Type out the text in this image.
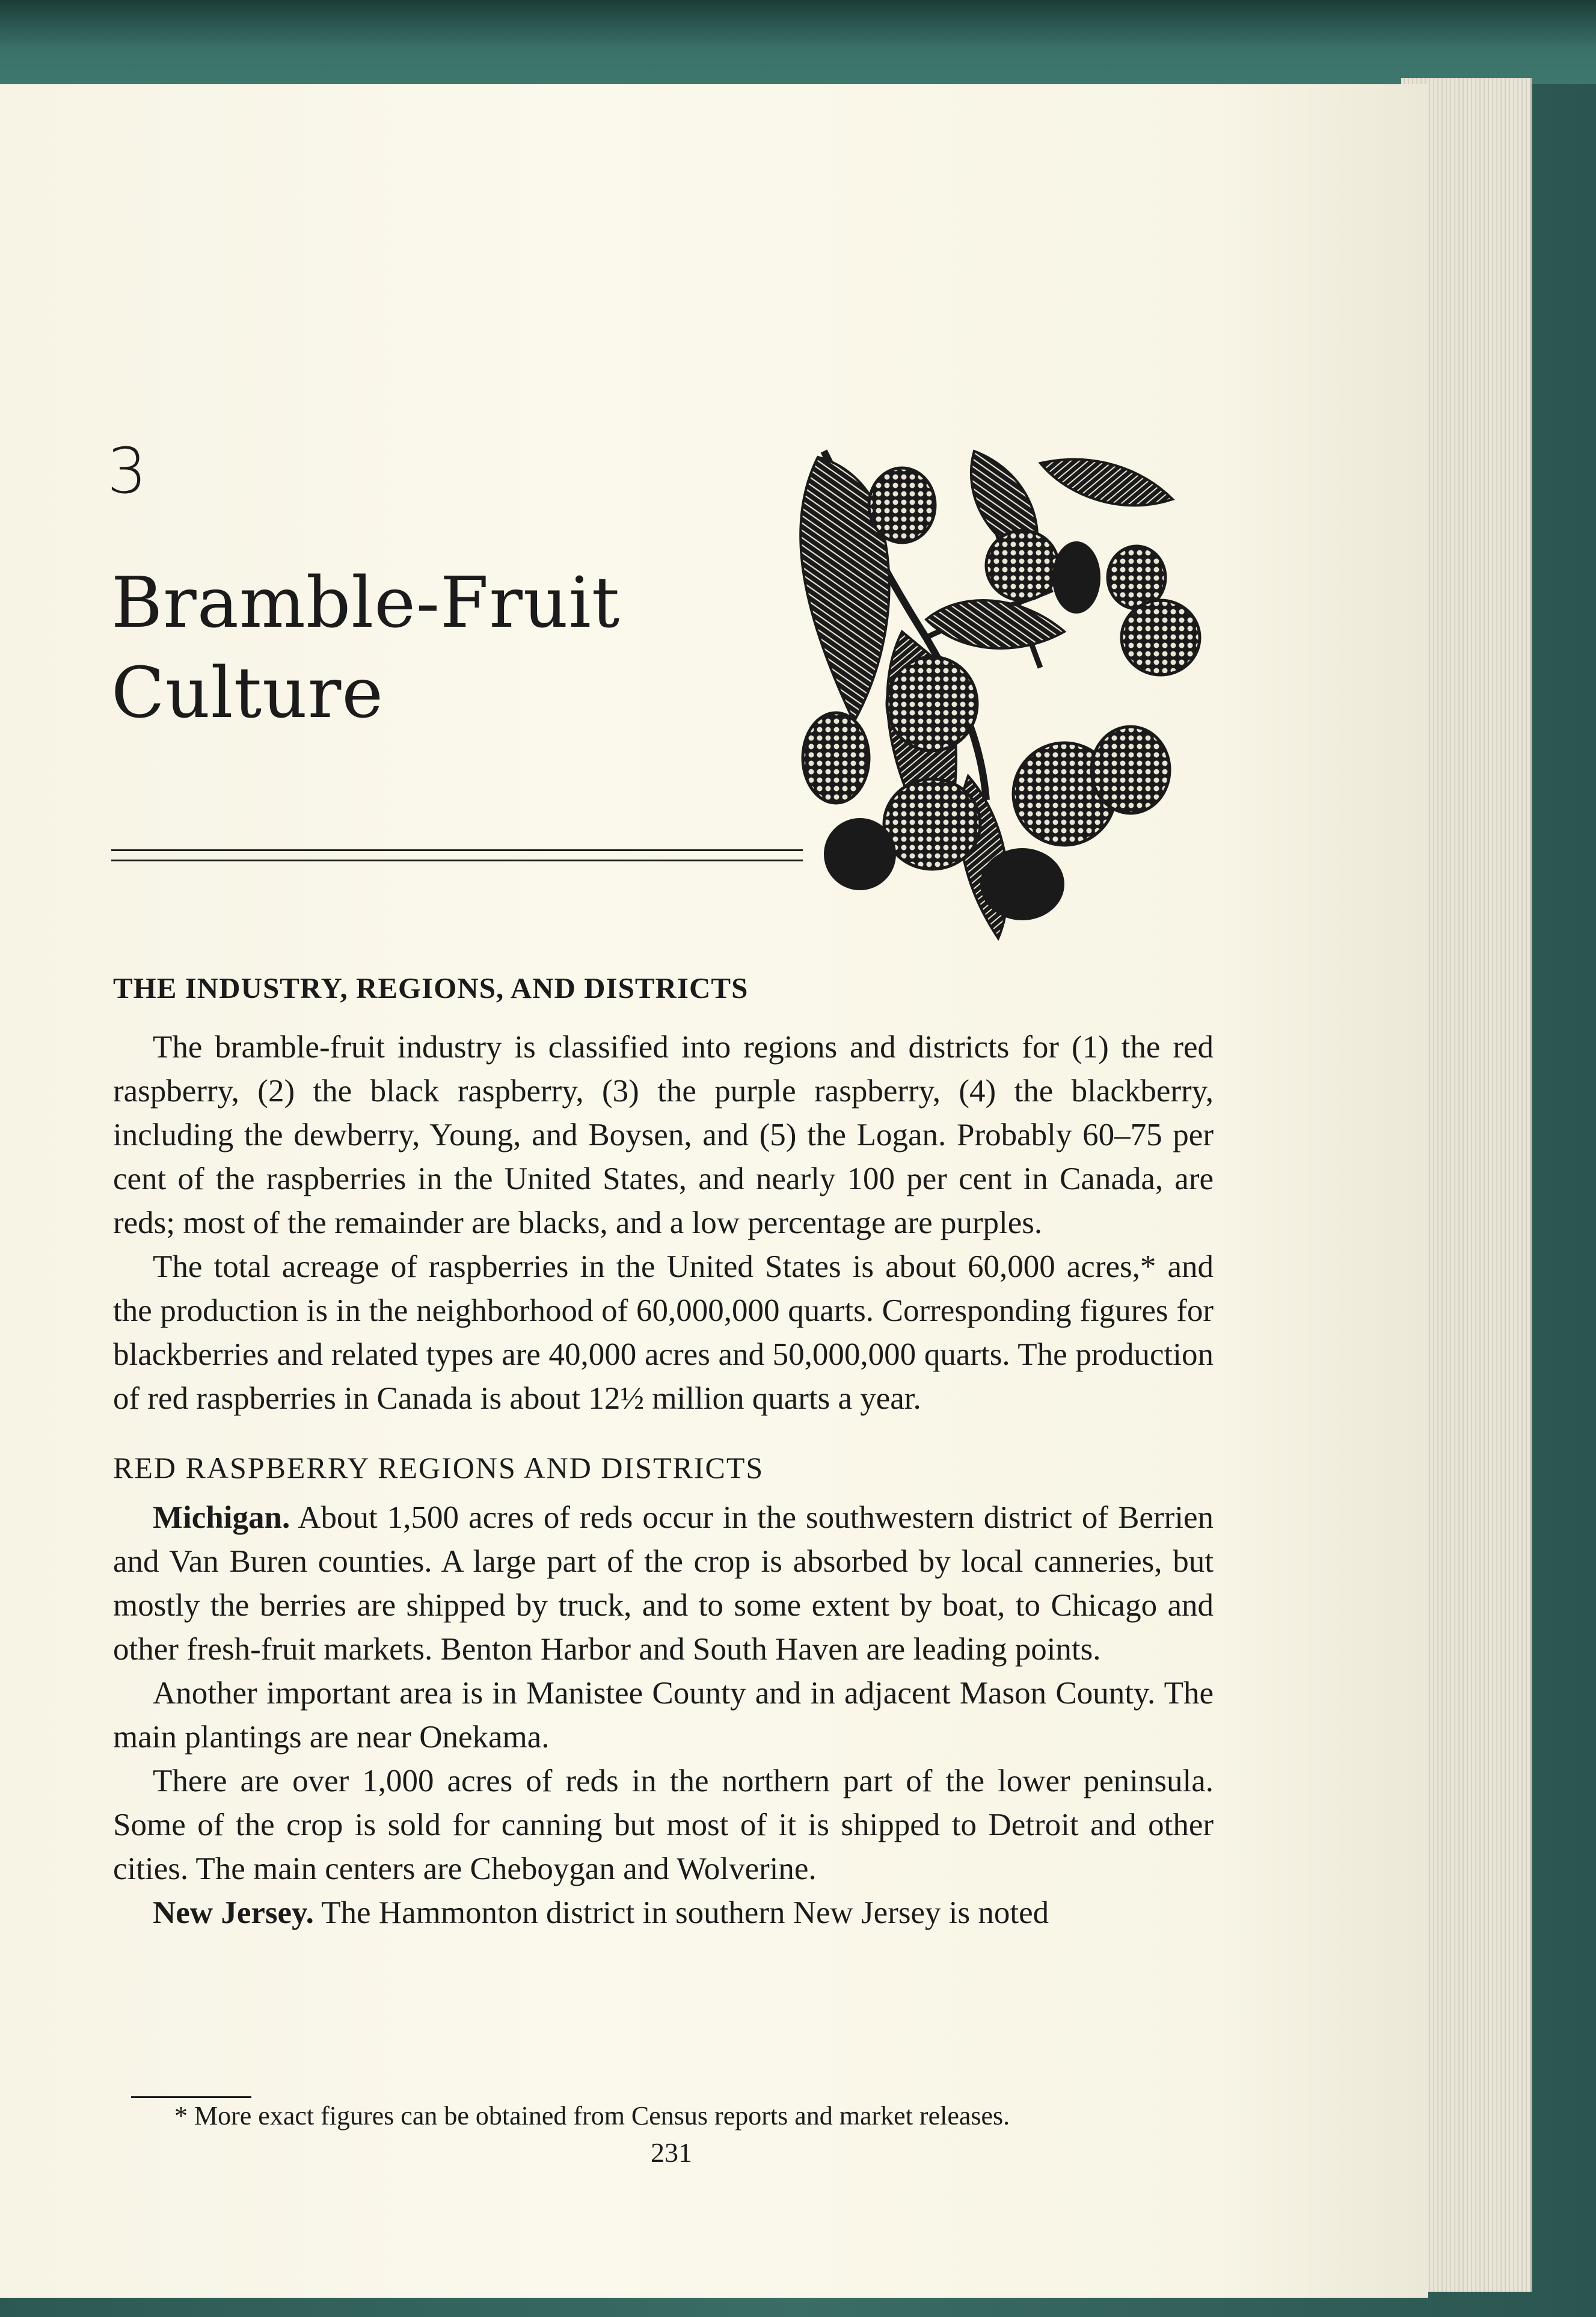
3
Bramble-Fruit
Culture
THE INDUSTRY, REGIONS, AND DISTRICTS

The bramble-fruit industry is classified into regions and districts for (1) the red raspberry, (2) the black raspberry, (3) the purple raspberry, (4) the blackberry, including the dewberry, Young, and Boysen, and (5) the Logan. Probably 60–75 per cent of the raspberries in the United States, and nearly 100 per cent in Canada, are reds; most of the remainder are blacks, and a low percentage are purples.

The total acreage of raspberries in the United States is about 60,000 acres,* and the production is in the neighborhood of 60,000,000 quarts. Corresponding figures for blackberries and related types are 40,000 acres and 50,000,000 quarts. The production of red raspberries in Canada is about 12½ million quarts a year.

RED RASPBERRY REGIONS AND DISTRICTS

Michigan. About 1,500 acres of reds occur in the southwestern district of Berrien and Van Buren counties. A large part of the crop is absorbed by local canneries, but mostly the berries are shipped by truck, and to some extent by boat, to Chicago and other fresh-fruit markets. Benton Harbor and South Haven are leading points.

Another important area is in Manistee County and in adjacent Mason County. The main plantings are near Onekama.

There are over 1,000 acres of reds in the northern part of the lower peninsula. Some of the crop is sold for canning but most of it is shipped to Detroit and other cities. The main centers are Cheboygan and Wolverine.

New Jersey. The Hammonton district in southern New Jersey is noted

* More exact figures can be obtained from Census reports and market releases.
231
